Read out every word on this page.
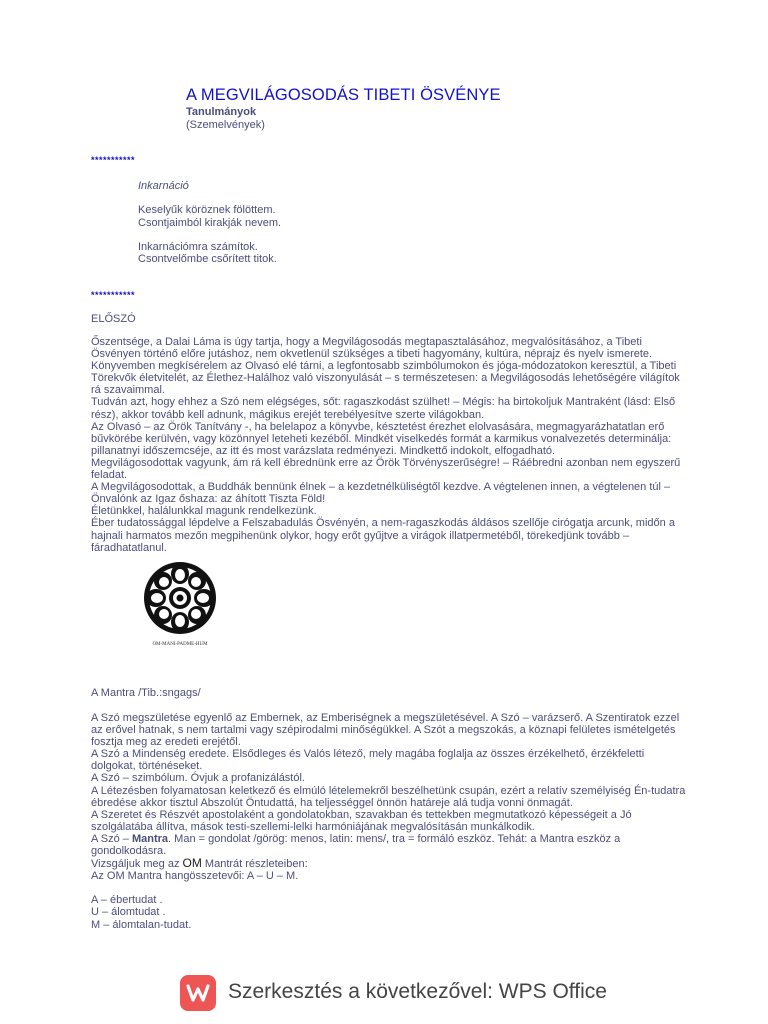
A MEGVILÁGOSODÁS TIBETI ÖSVÉNYE
Tanulmányok
(Szemelvények)
***********
Inkarnáció
Keselyűk köröznek fölöttem.
Csontjaimból kirakják nevem.
Inkarnációmra számítok.
Csontvelőmbe csőrített titok.
***********
ELŐSZÓ

Őszentsége, a Dalai Láma is úgy tartja, hogy a Megvilágosodás megtapasztalásához, megvalósításához, a Tibeti Ösvényen történő előre jutáshoz, nem okvetlenül szükséges a tibeti hagyomány, kultúra, néprajz és nyelv ismerete.

Könyvemben megkísérelem az Olvasó elé tárni, a legfontosabb szimbólumokon és jóga-módozatokon keresztül, a Tibeti Törekvők életvitelét, az Élethez-Halálhoz való viszonyulását – s természetesen: a Megvilágosodás lehetőségére világítok rá szavaimmal.

Tudván azt, hogy ehhez a Szó nem elégséges, sőt: ragaszkodást szülhet! – Mégis: ha birtokoljuk Mantraként (lásd: Első rész), akkor tovább kell adnunk, mágikus erejét terebélyesítve szerte világokban.

Az Olvasó – az Örök Tanítvány -, ha belelapoz a könyvbe, késztetést érezhet elolvasására, megmagyarázhatatlan erő bűvkörébe kerülvén, vagy közönnyel leteheti kezéből. Mindkét viselkedés formát a karmikus vonalvezetés determinálja: pillanatnyi időszemcséje, az itt és most varázslata redményezi. Mindkettő indokolt, elfogadható.

Megvilágosodottak vagyunk, ám rá kell ébrednünk erre az Örök Törvényszerűségre! – Ráébredni azonban nem egyszerű feladat.

A Megvilágosodottak, a Buddhák bennünk élnek – a kezdetnélküliségtől kezdve. A végtelenen innen, a végtelenen túl – Önvalónk az Igaz őshaza: az áhított Tiszta Föld!

Életünkkel, halálunkkal magunk rendelkezünk.

Éber tudatossággal lépdelve a Felszabadulás Ösvényén, a nem-ragaszkodás áldásos szellője cirógatja arcunk, midőn a hajnali harmatos mezőn megpihenünk olykor, hogy erőt gyűjtve a virágok illatpermetéből, törekedjünk tovább – fáradhatatlanul.

OM-MANI-PADME-HUM
A Mantra /Tib.:sngags/

A Szó megszületése egyenlő az Embernek, az Emberiségnek a megszületésével. A Szó – varázserő. A Szentiratok ezzel az erővel hatnak, s nem tartalmi vagy szépirodalmi minőségükkel. A Szót a megszokás, a köznapi felületes ismételgetés fosztja meg az eredeti erejétől.

A Szó a Mindenség eredete. Elsődleges és Valós létező, mely magába foglalja az összes érzékelhető, érzékfeletti dolgokat, történéseket.

A Szó – szimbólum. Óvjuk a profanizálástól.

A Létezésben folyamatosan keletkező és elmúló lételemekről beszélhetünk csupán, ezért a relatív személyiség Én-tudatra ébredése akkor tisztul Abszolút Öntudattá, ha teljességgel önnön határeje alá tudja vonni önmagát.

A Szeretet és Részvét apostolaként a gondolatokban, szavakban és tettekben megmutatkozó képességeit a Jó szolgálatába állítva, mások testi-szellemi-lelki harmóniájának megvalósításán munkálkodik.

A Szó – Mantra. Man = gondolat /görög: menos, latin: mens/, tra = formáló eszköz. Tehát: a Mantra eszköz a gondolkodásra.

Vizsgáljuk meg az OM Mantrát részleteiben:

Az OM Mantra hangösszetevői: A – U – M.

A – ébertudat .

U – álomtudat .

M – álomtalan-tudat.

Szerkesztés a következővel: WPS Office
